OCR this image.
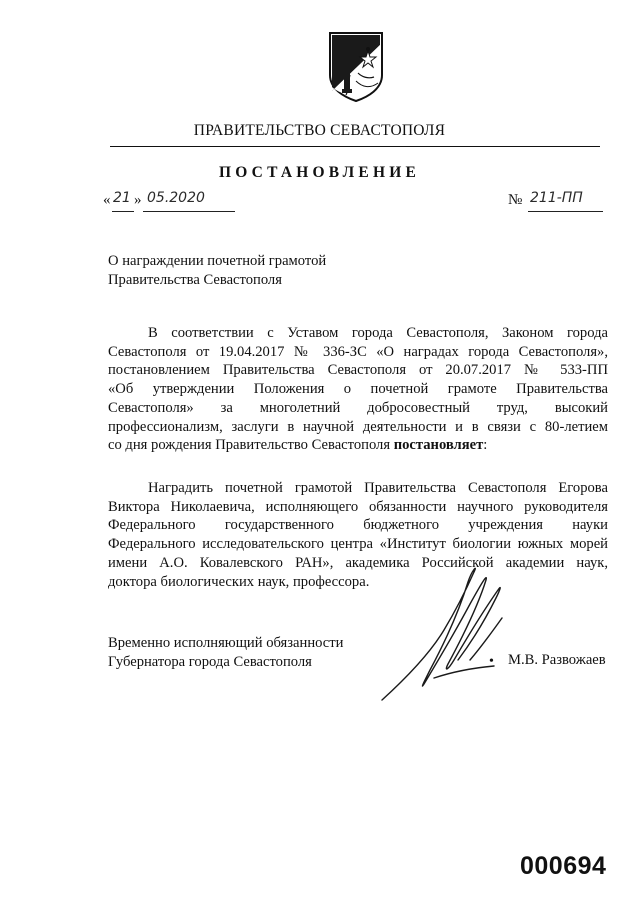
ПРАВИТЕЛЬСТВО СЕВАСТОПОЛЯ
ПОСТАНОВЛЕНИЕ
« 21 » 05.2020	№ 211-ПП
О награждении почетной грамотой
Правительства Севастополя
В соответствии с Уставом города Севастополя, Законом города
Севастополя от 19.04.2017 № 336-ЗС «О наградах города Севастополя»,
постановлением Правительства Севастополя от 20.07.2017 № 533-ПП
«Об утверждении Положения о почетной грамоте Правительства
Севастополя» за многолетний добросовестный труд, высокий
профессионализм, заслуги в научной деятельности и в связи с 80-летием
со дня рождения Правительство Севастополя постановляет:
Наградить почетной грамотой Правительства Севастополя Егорова
Виктора Николаевича, исполняющего обязанности научного руководителя
Федерального государственного бюджетного учреждения науки
Федерального исследовательского центра «Институт биологии южных морей
имени А.О. Ковалевского РАН», академика Российской академии наук,
доктора биологических наук, профессора.
Временно исполняющий обязанности
Губернатора города Севастополя	• М.В. Развожаев
000694
